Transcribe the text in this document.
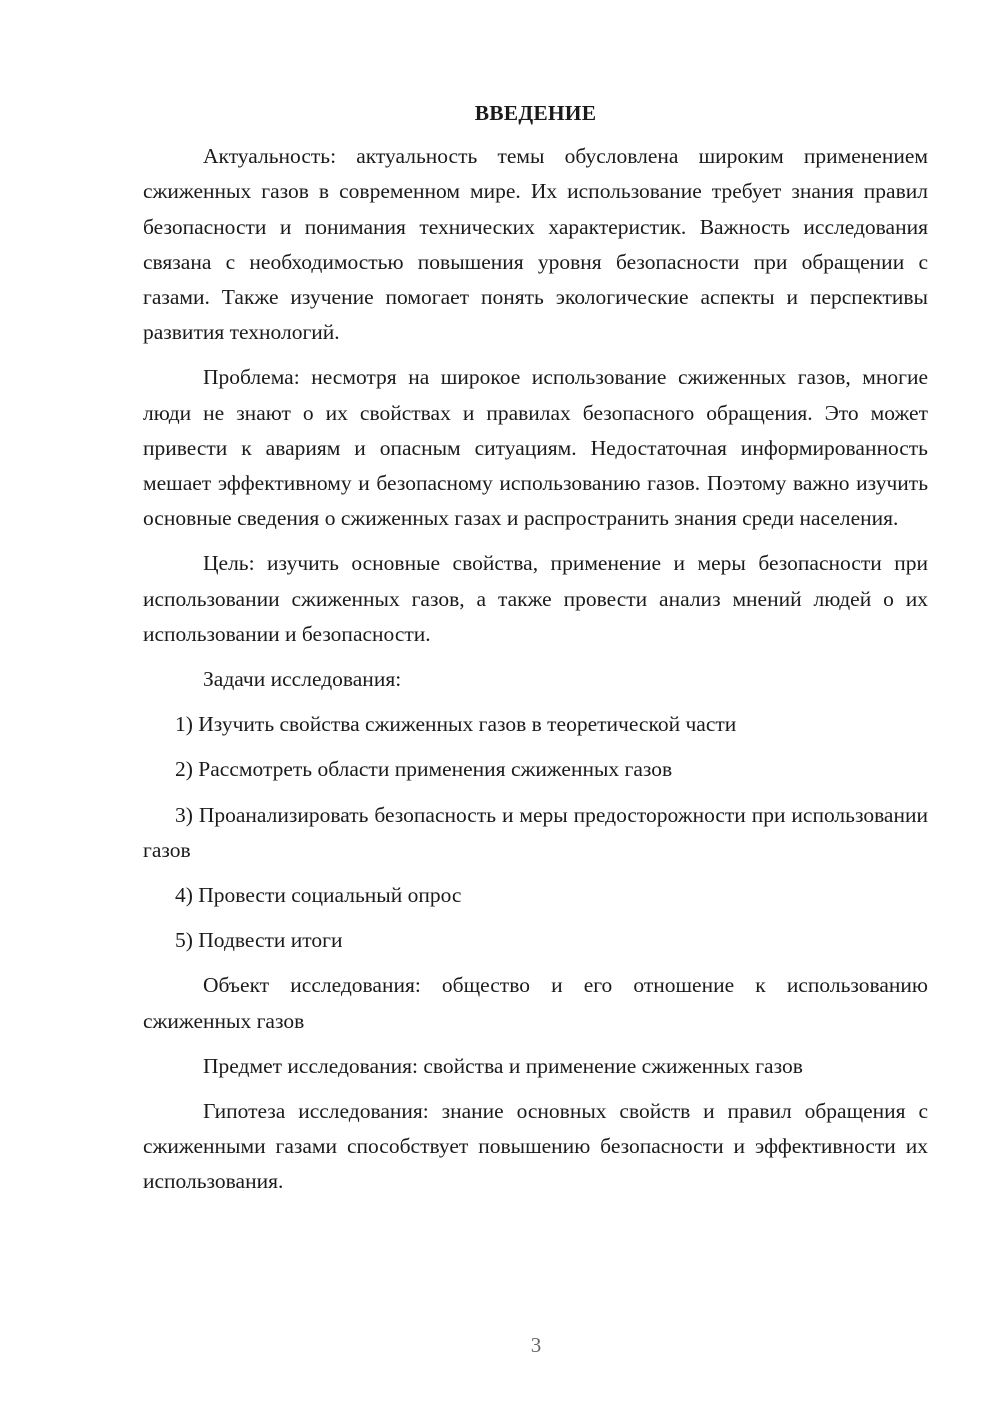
ВВЕДЕНИЕ

Актуальность: актуальность темы обусловлена широким применением сжиженных газов в современном мире. Их использование требует знания правил безопасности и понимания технических характеристик. Важность исследования связана с необходимостью повышения уровня безопасности при обращении с газами. Также изучение помогает понять экологические аспекты и перспективы развития технологий.

Проблема: несмотря на широкое использование сжиженных газов, многие люди не знают о их свойствах и правилах безопасного обращения. Это может привести к авариям и опасным ситуациям. Недостаточная информированность мешает эффективному и безопасному использованию газов. Поэтому важно изучить основные сведения о сжиженных газах и распространить знания среди населения.

Цель: изучить основные свойства, применение и меры безопасности при использовании сжиженных газов, а также провести анализ мнений людей о их использовании и безопасности.

Задачи исследования:

1) Изучить свойства сжиженных газов в теоретической части

2) Рассмотреть области применения сжиженных газов

3) Проанализировать безопасность и меры предосторожности при использовании газов

4) Провести социальный опрос

5) Подвести итоги

Объект исследования: общество и его отношение к использованию сжиженных газов

Предмет исследования: свойства и применение сжиженных газов

Гипотеза исследования: знание основных свойств и правил обращения с сжиженными газами способствует повышению безопасности и эффективности их использования.

3
